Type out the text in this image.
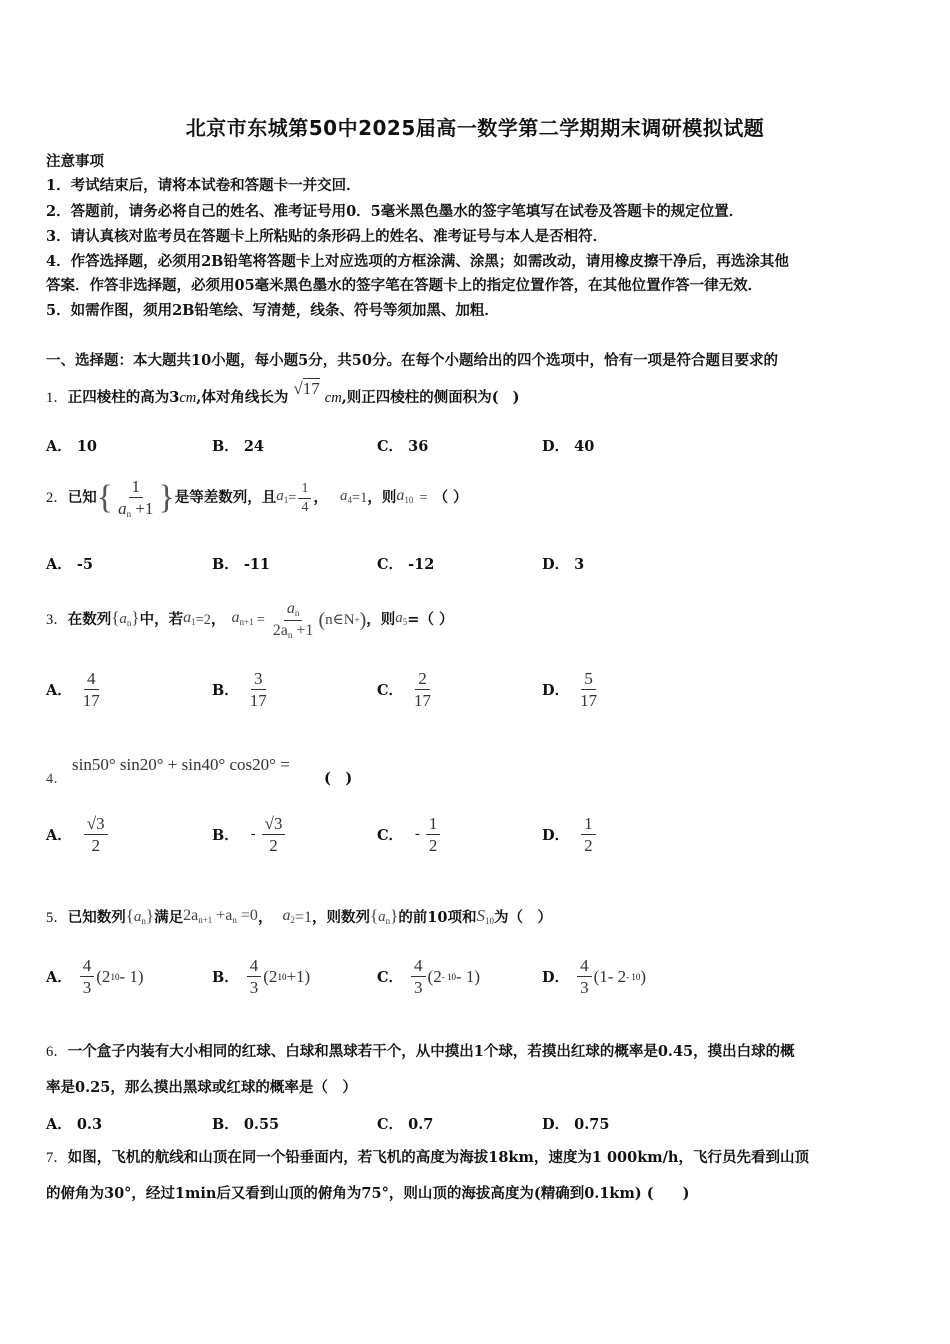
北京市东城第50中2025届高一数学第二学期期末调研模拟试题
注意事项
1．考试结束后，请将本试卷和答题卡一并交回．
2．答题前，请务必将自己的姓名、准考证号用0．5毫米黑色墨水的签字笔填写在试卷及答题卡的规定位置．
3．请认真核对监考员在答题卡上所粘贴的条形码上的姓名、准考证号与本人是否相符．
4．作答选择题，必须用2B铅笔将答题卡上对应选项的方框涂满、涂黑；如需改动，请用橡皮擦干净后，再选涂其他
答案．作答非选择题，必须用05毫米黑色墨水的签字笔在答题卡上的指定位置作答，在其他位置作答一律无效．
5．如需作图，须用2B铅笔绘、写清楚，线条、符号等须加黑、加粗．
一、选择题：本大题共10小题，每小题5分，共50分。在每个小题给出的四个选项中，恰有一项是符合题目要求的
1．正四棱柱的高为3cm,体对角线长为 √17 cm,则正四棱柱的侧面积为( )
A． 10	B． 24	C． 36	D． 40
2． 已知 { $\frac{1}{a_n +1}$ } 是等差数列，且 $a_1 = \frac{1}{4}$ ， $a_4 =1$ ，则 $a_{10}$ = （ ）
A． -5	B． -11	C． -12	D． 3
3． 在数列 $\{a_n\}$ 中，若 $a_1 =2$ ， $a_{n+1} = \frac{a_n}{2a_n +1}$ ( n∈N + ) ，则 $a_5$ =（ ）
A． $\frac{4}{17}$	B． $\frac{3}{17}$	C． $\frac{2}{17}$	D． $\frac{5}{17}$
4．
sin50° sin20° + sin40° cos20° =
(　)
A． $\frac{√3}{2}$	B． - $\frac{√3}{2}$	C． - $\frac{1}{2}$	D． $\frac{1}{2}$
5． 已知数列 $\{a_n\}$ 满足 $2a_{n+1} +a_n =0$ ， $a_2 =1$ ，则数列 $\{a_n\}$ 的前10项和 $S_{10}$ 为（　）
A． $\frac{4}{3} (2$ 10 - 1)	B． $\frac{4}{3} (2$ 10 +1)	C． $\frac{4}{3} (2 - 10 - 1)$	D． $\frac{4}{3} (1-$ 2 - 10 )
6．一个盒子内装有大小相同的红球、白球和黑球若干个，从中摸出1个球，若摸出红球的概率是0.45，摸出白球的概
率是0.25，那么摸出黑球或红球的概率是（　）
A． 0.3	B． 0.55	C． 0.7	D． 0.75
7．如图，飞机的航线和山顶在同一个铅垂面内，若飞机的高度为海拔18km，速度为1 000km/h，飞行员先看到山顶
的俯角为30°，经过1min后又看到山顶的俯角为75°，则山顶的海拔高度为(精确到0.1km) (　　)
